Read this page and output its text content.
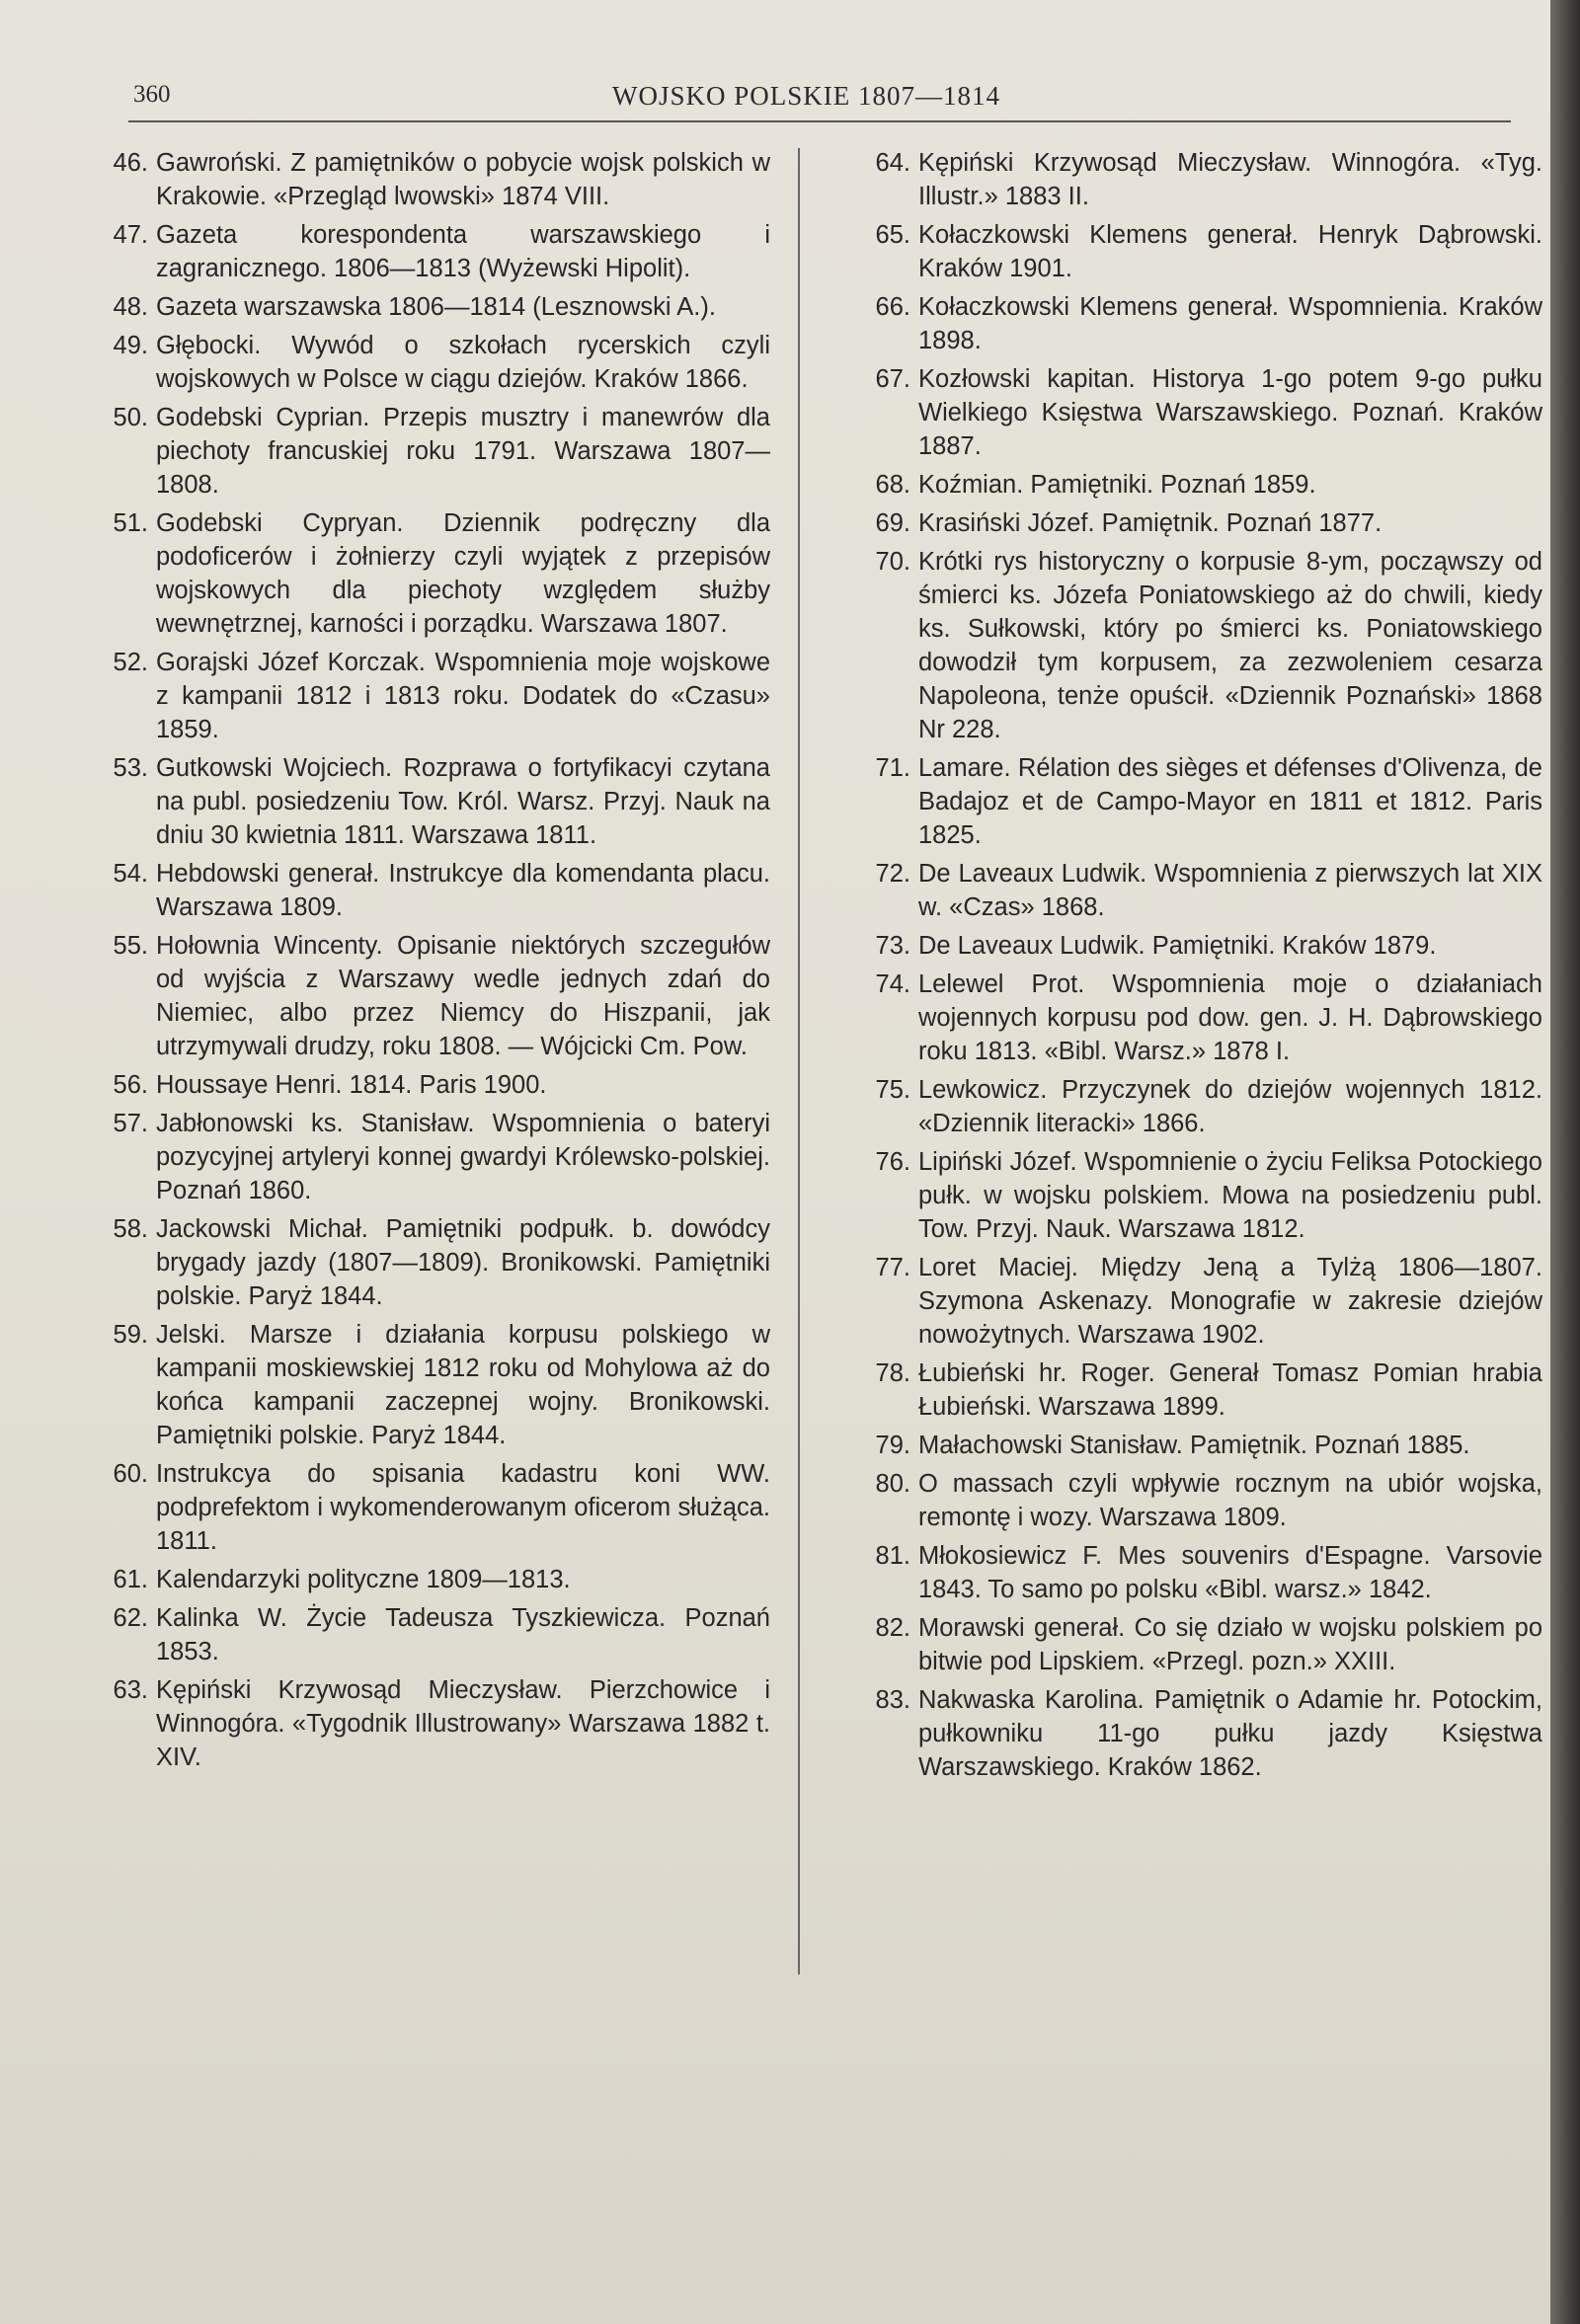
360	WOJSKO POLSKIE 1807—1814
46. Gawroński. Z pamiętników o pobycie wojsk polskich w Krakowie. «Przegląd lwowski» 1874 VIII.
47. Gazeta korespondenta warszawskiego i zagranicznego. 1806—1813 (Wyżewski Hipolit).
48. Gazeta warszawska 1806—1814 (Lesznowski A.).
49. Głębocki. Wywód o szkołach rycerskich czyli wojskowych w Polsce w ciągu dziejów. Kraków 1866.
50. Godebski Cyprian. Przepis musztry i manewrów dla piechoty francuskiej roku 1791. Warszawa 1807—1808.
51. Godebski Cypryan. Dziennik podręczny dla podoficerów i żołnierzy czyli wyjątek z przepisów wojskowych dla piechoty względem służby wewnętrznej, karności i porządku. Warszawa 1807.
52. Gorajski Józef Korczak. Wspomnienia moje wojskowe z kampanii 1812 i 1813 roku. Dodatek do «Czasu» 1859.
53. Gutkowski Wojciech. Rozprawa o fortyfikacyi czytana na publ. posiedzeniu Tow. Król. Warsz. Przyj. Nauk na dniu 30 kwietnia 1811. Warszawa 1811.
54. Hebdowski generał. Instrukcye dla komendanta placu. Warszawa 1809.
55. Hołownia Wincenty. Opisanie niektórych szczegułów od wyjścia z Warszawy wedle jednych zdań do Niemiec, albo przez Niemcy do Hiszpanii, jak utrzymywali drudzy, roku 1808. — Wójcicki Cm. Pow.
56. Houssaye Henri. 1814. Paris 1900.
57. Jabłonowski ks. Stanisław. Wspomnienia o bateryi pozycyjnej artyleryi konnej gwardyi Królewsko-polskiej. Poznań 1860.
58. Jackowski Michał. Pamiętniki podpułk. b. dowódcy brygady jazdy (1807—1809). Bronikowski. Pamiętniki polskie. Paryż 1844.
59. Jelski. Marsze i działania korpusu polskiego w kampanii moskiewskiej 1812 roku od Mohylowa aż do końca kampanii zaczepnej wojny. Bronikowski. Pamiętniki polskie. Paryż 1844.
60. Instrukcya do spisania kadastru koni WW. podprefektom i wykomenderowanym oficerom służąca. 1811.
61. Kalendarzyki polityczne 1809—1813.
62. Kalinka W. Życie Tadeusza Tyszkiewicza. Poznań 1853.
63. Kępiński Krzywosąd Mieczysław. Pierzchowice i Winnogóra. «Tygodnik Illustrowany» Warszawa 1882 t. XIV.
64. Kępiński Krzywosąd Mieczysław. Winnogóra. «Tyg. Illustr.» 1883 II.
65. Kołaczkowski Klemens generał. Henryk Dąbrowski. Kraków 1901.
66. Kołaczkowski Klemens generał. Wspomnienia. Kraków 1898.
67. Kozłowski kapitan. Historya 1-go potem 9-go pułku Wielkiego Księstwa Warszawskiego. Poznań. Kraków 1887.
68. Koźmian. Pamiętniki. Poznań 1859.
69. Krasiński Józef. Pamiętnik. Poznań 1877.
70. Krótki rys historyczny o korpusie 8-ym, począwszy od śmierci ks. Józefa Poniatowskiego aż do chwili, kiedy ks. Sułkowski, który po śmierci ks. Poniatowskiego dowodził tym korpusem, za zezwoleniem cesarza Napoleona, tenże opuścił. «Dziennik Poznański» 1868 Nr 228.
71. Lamare. Rélation des sièges et défenses d'Olivenza, de Badajoz et de Campo-Mayor en 1811 et 1812. Paris 1825.
72. De Laveaux Ludwik. Wspomnienia z pierwszych lat XIX w. «Czas» 1868.
73. De Laveaux Ludwik. Pamiętniki. Kraków 1879.
74. Lelewel Prot. Wspomnienia moje o działaniach wojennych korpusu pod dow. gen. J. H. Dąbrowskiego roku 1813. «Bibl. Warsz.» 1878 I.
75. Lewkowicz. Przyczynek do dziejów wojennych 1812. «Dziennik literacki» 1866.
76. Lipiński Józef. Wspomnienie o życiu Feliksa Potockiego pułk. w wojsku polskiem. Mowa na posiedzeniu publ. Tow. Przyj. Nauk. Warszawa 1812.
77. Loret Maciej. Między Jeną a Tylżą 1806—1807. Szymona Askenazy. Monografie w zakresie dziejów nowożytnych. Warszawa 1902.
78. Łubieński hr. Roger. Generał Tomasz Pomian hrabia Łubieński. Warszawa 1899.
79. Małachowski Stanisław. Pamiętnik. Poznań 1885.
80. O massach czyli wpływie rocznym na ubiór wojska, remontę i wozy. Warszawa 1809.
81. Młokosiewicz F. Mes souvenirs d'Espagne. Varsovie 1843. To samo po polsku «Bibl. warsz.» 1842.
82. Morawski generał. Co się działo w wojsku polskiem po bitwie pod Lipskiem. «Przegl. pozn.» XXIII.
83. Nakwaska Karolina. Pamiętnik o Adamie hr. Potockim, pułkowniku 11-go pułku jazdy Księstwa Warszawskiego. Kraków 1862.
